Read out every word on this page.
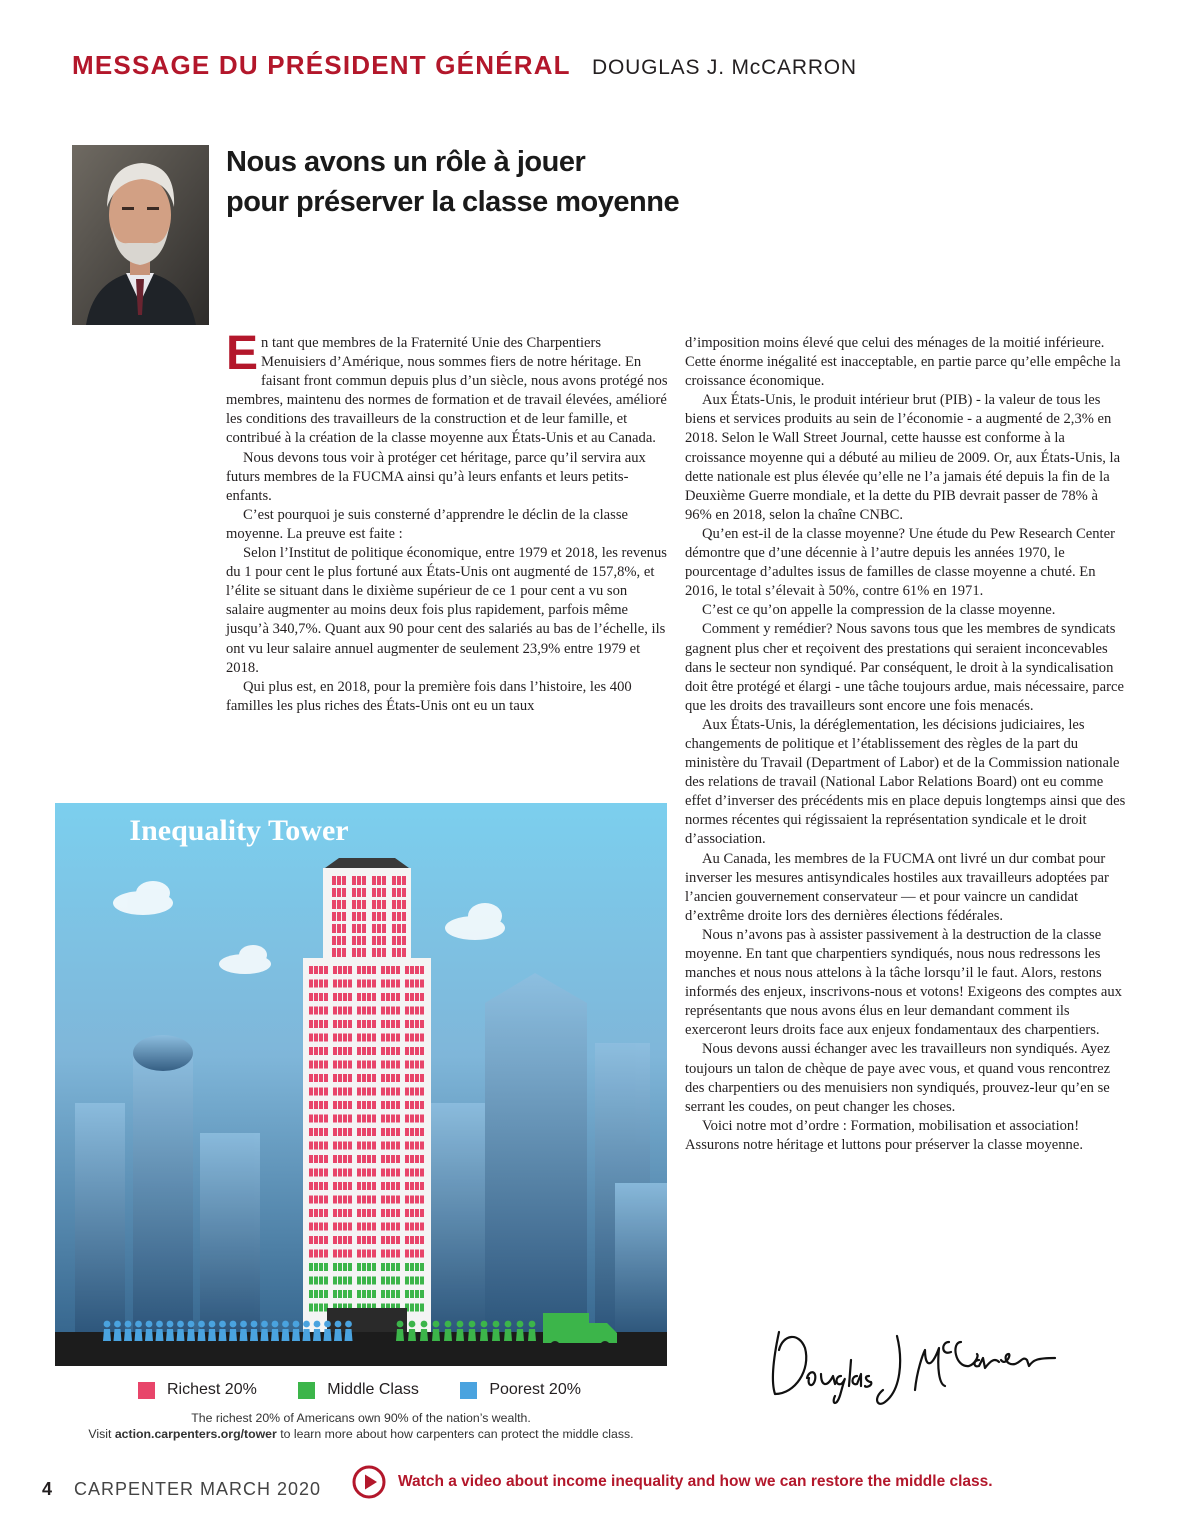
MESSAGE DU PRÉSIDENT GÉNÉRAL DOUGLAS J. McCARRON
Nous avons un rôle à jouer
pour préserver la classe moyenne

En tant que membres de la Fraternité Unie des Charpentiers Menuisiers d’Amérique, nous sommes fiers de notre héritage. En faisant front commun depuis plus d’un siècle, nous avons protégé nos membres, maintenu des normes de formation et de travail élevées, amélioré les conditions des travailleurs de la construction et de leur famille, et contribué à la création de la classe moyenne aux États-Unis et au Canada.

Nous devons tous voir à protéger cet héritage, parce qu’il servira aux futurs membres de la FUCMA ainsi qu’à leurs enfants et leurs petits-enfants.

C’est pourquoi je suis consterné d’apprendre le déclin de la classe moyenne. La preuve est faite :

Selon l’Institut de politique économique, entre 1979 et 2018, les revenus du 1 pour cent le plus fortuné aux États-Unis ont augmenté de 157,8%, et l’élite se situant dans le dixième supérieur de ce 1 pour cent a vu son salaire augmenter au moins deux fois plus rapidement, parfois même jusqu’à 340,7%. Quant aux 90 pour cent des salariés au bas de l’échelle, ils ont vu leur salaire annuel augmenter de seulement 23,9% entre 1979 et 2018.

Qui plus est, en 2018, pour la première fois dans l’histoire, les 400 familles les plus riches des États-Unis ont eu un taux

d’imposition moins élevé que celui des ménages de la moitié inférieure. Cette énorme inégalité est inacceptable, en partie parce qu’elle empêche la croissance économique.

Aux États-Unis, le produit intérieur brut (PIB) - la valeur de tous les biens et services produits au sein de l’économie - a augmenté de 2,3% en 2018. Selon le Wall Street Journal, cette hausse est conforme à la croissance moyenne qui a débuté au milieu de 2009. Or, aux États-Unis, la dette nationale est plus élevée qu’elle ne l’a jamais été depuis la fin de la Deuxième Guerre mondiale, et la dette du PIB devrait passer de 78% à 96% en 2018, selon la chaîne CNBC.

Qu’en est-il de la classe moyenne? Une étude du Pew Research Center démontre que d’une décennie à l’autre depuis les années 1970, le pourcentage d’adultes issus de familles de classe moyenne a chuté. En 2016, le total s’élevait à 50%, contre 61% en 1971.

C’est ce qu’on appelle la compression de la classe moyenne.

Comment y remédier? Nous savons tous que les membres de syndicats gagnent plus cher et reçoivent des prestations qui seraient inconcevables dans le secteur non syndiqué. Par conséquent, le droit à la syndicalisation doit être protégé et élargi - une tâche toujours ardue, mais nécessaire, parce que les droits des travailleurs sont encore une fois menacés.

Aux États-Unis, la déréglementation, les décisions judiciaires, les changements de politique et l’établissement des règles de la part du ministère du Travail (Department of Labor) et de la Commission nationale des relations de travail (National Labor Relations Board) ont eu comme effet d’inverser des précédents mis en place depuis longtemps ainsi que des normes récentes qui régissaient la représentation syndicale et le droit d’association.

Au Canada, les membres de la FUCMA ont livré un dur combat pour inverser les mesures antisyndicales hostiles aux travailleurs adoptées par l’ancien gouvernement conservateur — et pour vaincre un candidat d’extrême droite lors des dernières élections fédérales.

Nous n’avons pas à assister passivement à la destruction de la classe moyenne. En tant que charpentiers syndiqués, nous nous redressons les manches et nous nous attelons à la tâche lorsqu’il le faut. Alors, restons informés des enjeux, inscrivons-nous et votons! Exigeons des comptes aux représentants que nous avons élus en leur demandant comment ils exerceront leurs droits face aux enjeux fondamentaux des charpentiers.

Nous devons aussi échanger avec les travailleurs non syndiqués. Ayez toujours un talon de chèque de paye avec vous, et quand vous rencontrez des charpentiers ou des menuisiers non syndiqués, prouvez-leur qu’en se serrant les coudes, on peut changer les choses.

Voici notre mot d’ordre : Formation, mobilisation et association! Assurons notre héritage et luttons pour préserver la classe moyenne.

Inequality Tower
Richest 20%
	Middle Class
	Poorest 20%
The richest 20% of Americans own 90% of the nation’s wealth.
Visit action.carpenters.org/tower to learn more about how carpenters can protect the middle class.
4 CARPENTER MARCH 2020	Watch a video about income inequality and how we can restore the middle class.
